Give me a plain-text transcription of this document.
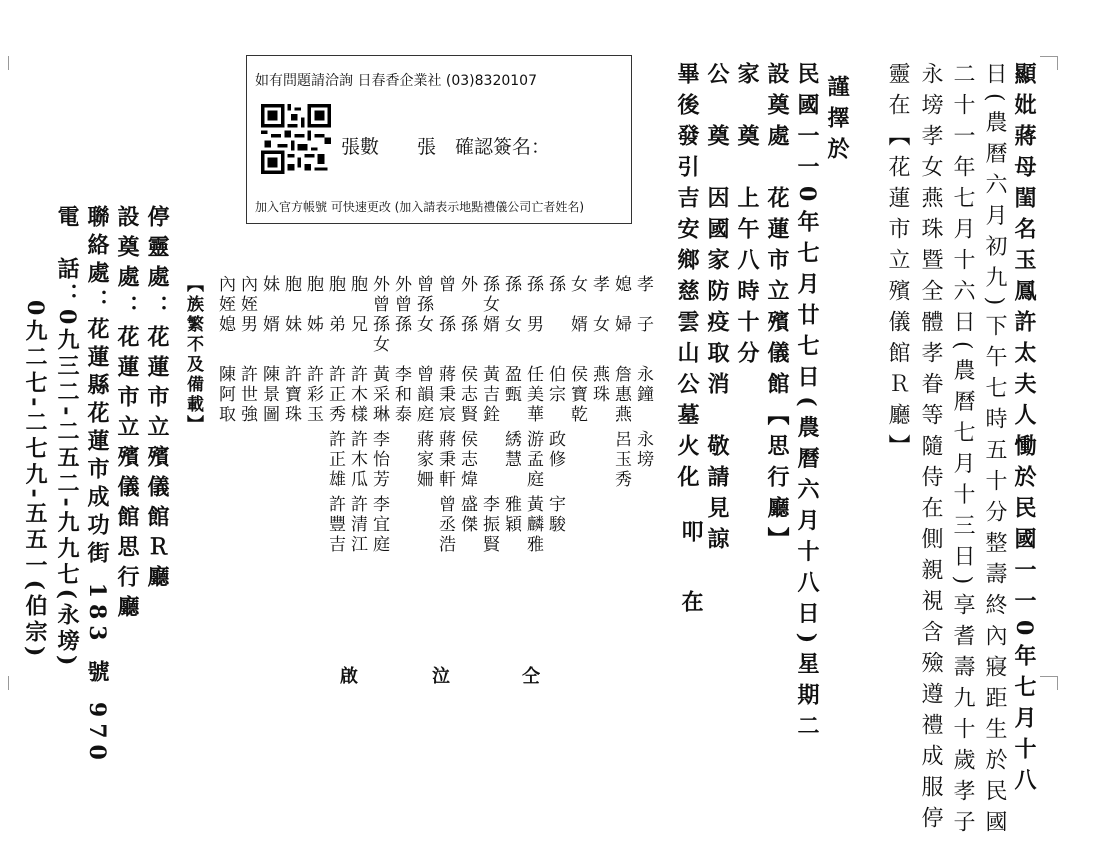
如有問題請洽詢 日春香企業社 (03)8320107
張數　　張　確認簽名：
加入官方帳號 可快速更改 (加入請表示地點禮儀公司亡者姓名)	顯妣蔣母閨名玉鳳許太夫人慟於民國一一0年七月十八
日(農曆六月初九)下午七時五十分整壽終內寢距生於民國
二十一年七月十六日(農曆七月十三日)享耆壽九十歲孝子
永塝孝女燕珠暨全體孝眷等隨侍在側親視含殮遵禮成服停
靈在【花蓮市立殯儀館Ｒ廳】
謹擇於
民國一一0年七月廿七日(農曆六月十八日)星期二
設奠處　花蓮市立殯儀館【思行廳】
家　奠　上午八時十分
公　奠　因國家防疫取消　敬請見諒
畢後發引吉安鄉慈雲山公墓火化
叩
在
孝　子
永鐘
永塝
媳　婦
詹惠燕
呂玉秀
孝　女
燕珠
女　婿
侯寶乾
孫
伯宗
政修
宇駿
孫　男
任美華
游孟庭
黃麟雅
孫　女
盈甄
綉慧
雅穎
孫女婿
黃吉銓
李振賢
外　孫
侯志賢
侯志煒
盛傑
曾　孫
蔣秉宸
蔣秉軒
曾丞浩
曾孫女
曾韻庭
蔣家姍
外曾孫
李和泰
外曾孫女
黃采琳
李怡芳
李宜庭
胞　兄
許木樣
許木瓜
許清江
胞　弟
許正秀
許正雄
許豐吉
胞　姊
許彩玉
胞　妹
許寶珠
妹　婿
陳景圖
內姪男
許世強
內姪媳
陳阿取
【族繁不及備載】
停靈處：花蓮市立殯儀館Ｒ廳
設奠處：花蓮市立殯儀館思行廳
聯絡處：花蓮縣花蓮市成功街 183 號 970
電　話：0九三二-二五二-九九七(永塝)
0九二七-二七九-五五一(伯宗)
仝
泣
啟
